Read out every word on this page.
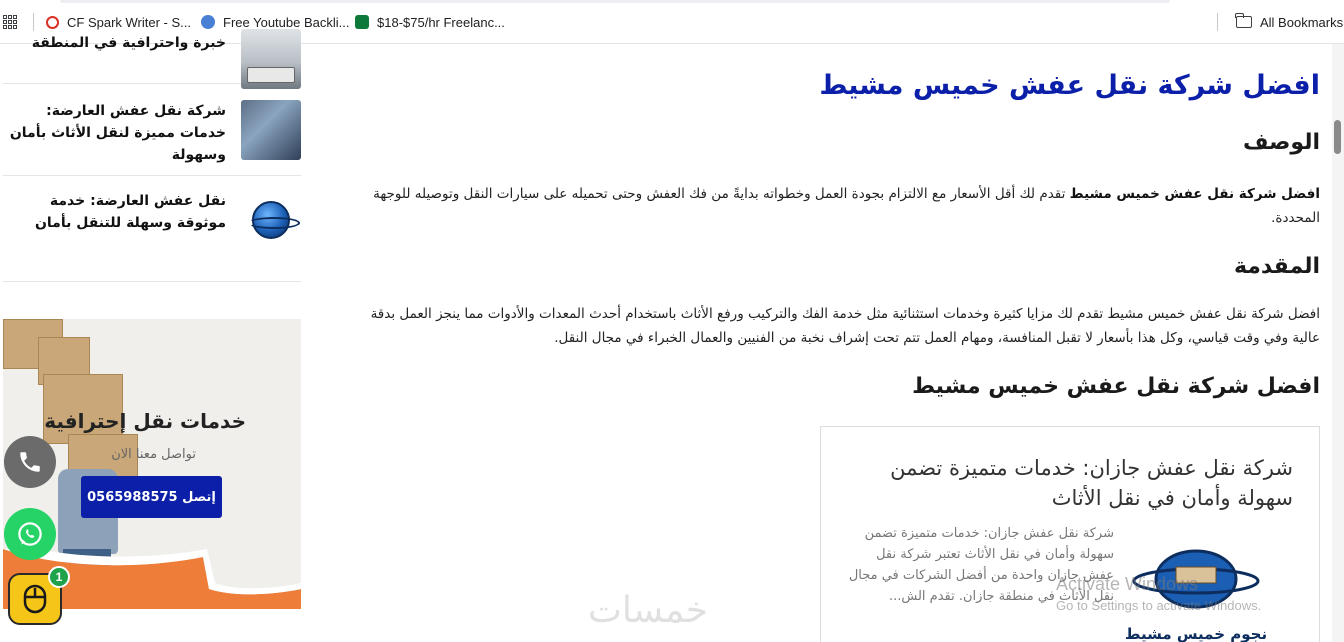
CF Spark Writer - S... Free Youtube Backli... $18-$75/hr Freelanc...	All Bookmarks
خبرة واحترافية في المنطقة
شركة نقل عفش العارضة: خدمات مميزة لنقل الأثاث بأمان وسهولة
نقل عفش العارضة: خدمة موثوقة وسهلة للتنقل بأمان
خدمات نقل إحترافية
تواصل معنا الان
إتصل 0565988575
1
افضل شركة نقل عفش خميس مشيط
الوصف
افضل شركة نقل عفش خميس مشيط تقدم لك أقل الأسعار مع الالتزام بجودة العمل وخطواته بدايةً من فك العفش وحتى تحميله على سيارات النقل وتوصيله للوجهة المحددة.
المقدمة
افضل شركة نقل عفش خميس مشيط تقدم لك مزايا كثيرة وخدمات استثنائية مثل خدمة الفك والتركيب ورفع الأثاث باستخدام أحدث المعدات والأدوات مما ينجز العمل بدقة عالية وفي وقت قياسي، وكل هذا بأسعار لا تقبل المنافسة، ومهام العمل تتم تحت إشراف نخبة من الفنيين والعمال الخبراء في مجال النقل.
افضل شركة نقل عفش خميس مشيط
شركة نقل عفش جازان: خدمات متميزة تضمن سهولة وأمان في نقل الأثاث
شركة نقل عفش جازان: خدمات متميزة تضمن سهولة وأمان في نقل الأثاث تعتبر شركة نقل عفش جازان واحدة من أفضل الشركات في مجال نقل الأثاث في منطقة جازان. تقدم الش...
نجوم خميس مشيط
خمسات
Activate Windows
Go to Settings to activate Windows.
